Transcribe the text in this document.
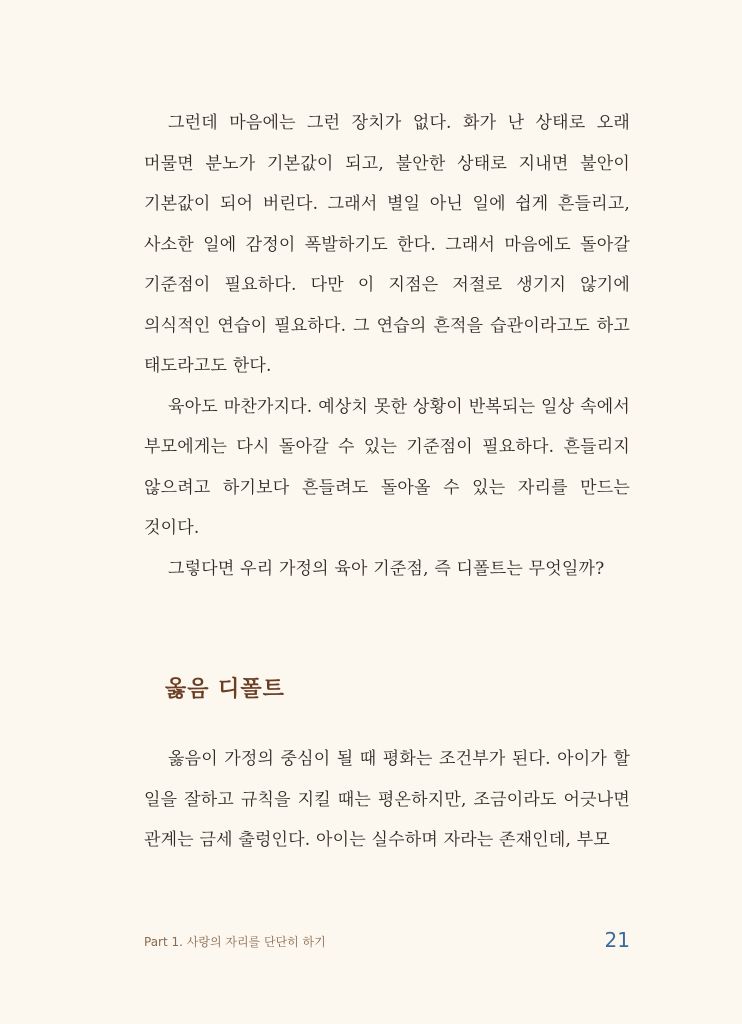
그런데 마음에는 그런 장치가 없다. 화가 난 상태로 오래 머물면 분노가 기본값이 되고, 불안한 상태로 지내면 불안이 기본값이 되어 버린다. 그래서 별일 아닌 일에 쉽게 흔들리고, 사소한 일에 감정이 폭발하기도 한다. 그래서 마음에도 돌아갈 기준점이 필요하다. 다만 이 지점은 저절로 생기지 않기에 의식적인 연습이 필요하다. 그 연습의 흔적을 습관이라고도 하고 태도라고도 한다.

육아도 마찬가지다. 예상치 못한 상황이 반복되는 일상 속에서 부모에게는 다시 돌아갈 수 있는 기준점이 필요하다. 흔들리지 않으려고 하기보다 흔들려도 돌아올 수 있는 자리를 만드는 것이다.

그렇다면 우리 가정의 육아 기준점, 즉 디폴트는 무엇일까?

옳음 디폴트

옳음이 가정의 중심이 될 때 평화는 조건부가 된다. 아이가 할 일을 잘하고 규칙을 지킬 때는 평온하지만, 조금이라도 어긋나면 관계는 금세 출렁인다. 아이는 실수하며 자라는 존재인데, 부모

Part 1. 사랑의 자리를 단단히 하기	21
